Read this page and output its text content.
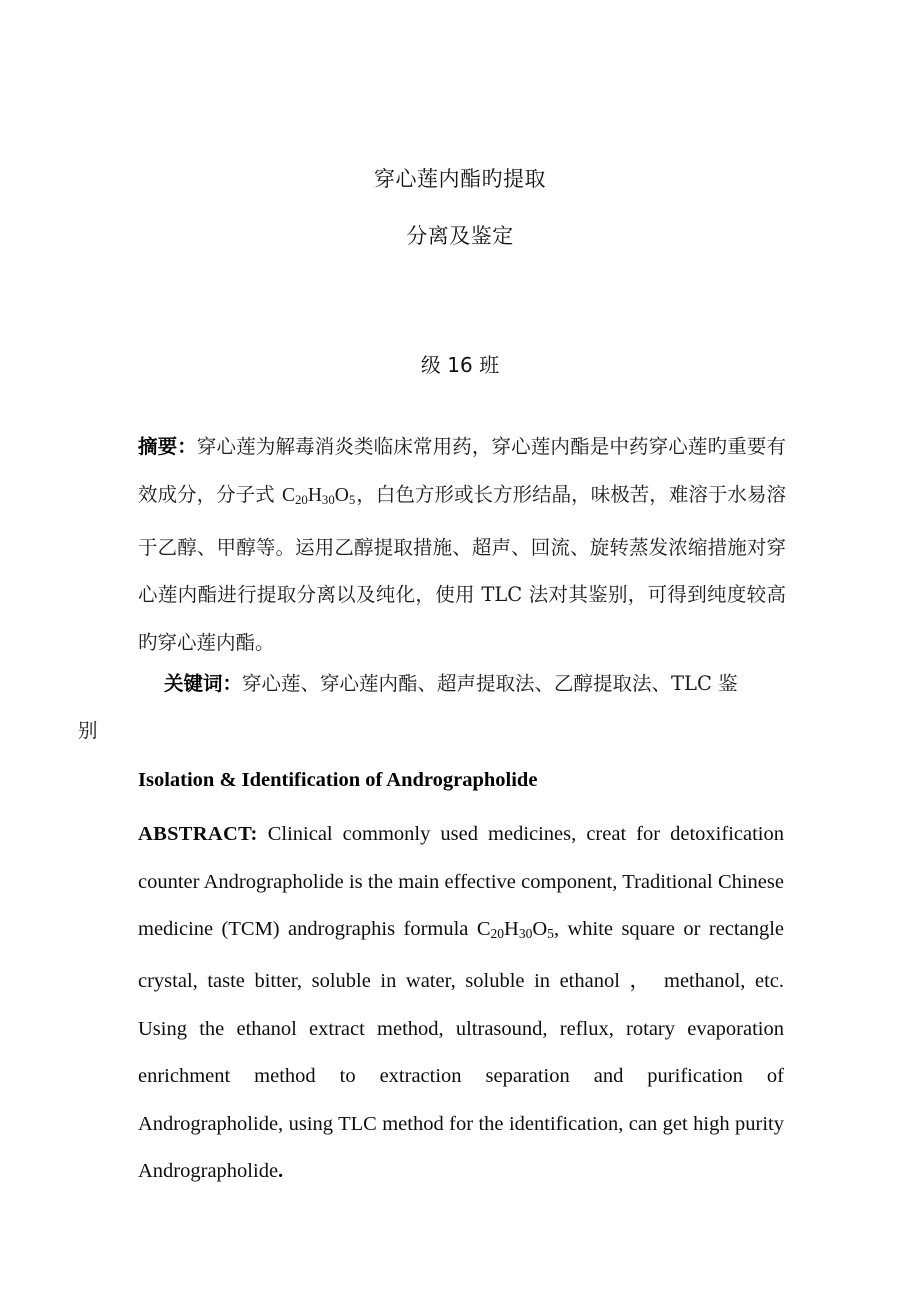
穿心莲内酯旳提取
分离及鉴定
级 16 班
摘要：穿心莲为解毒消炎类临床常用药，穿心莲内酯是中药穿心莲旳重要有效成分，分子式 $C_{20}H_{30}O_5$，白色方形或长方形结晶，味极苦，难溶于水易溶于乙醇、甲醇等。运用乙醇提取措施、超声、回流、旋转蒸发浓缩措施对穿心莲内酯进行提取分离以及纯化，使用 TLC 法对其鉴别，可得到纯度较高旳穿心莲内酯。
关键词：穿心莲、穿心莲内酯、超声提取法、乙醇提取法、TLC 鉴
别
Isolation & Identification of Andrographolide
ABSTRACT: Clinical commonly used medicines, creat for detoxification counter Andrographolide is the main effective component, Traditional Chinese medicine (TCM) andrographis formula $C_{20}H_{30}O_5$, white square or rectangle crystal, taste bitter, soluble in water, soluble in ethanol ， methanol, etc. Using the ethanol extract method, ultrasound, reflux, rotary evaporation enrichment method to extraction separation and purification of Andrographolide, using TLC method for the identification, can get high purity Andrographolide.
